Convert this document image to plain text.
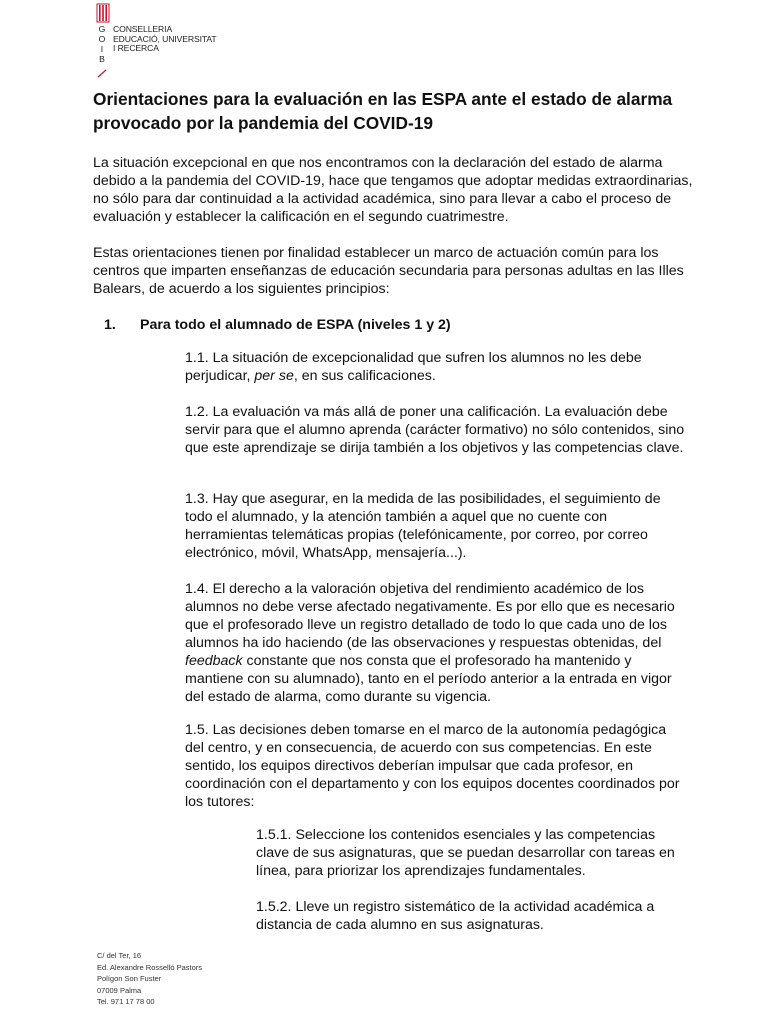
G
O
I
B
CONSELLERIA
EDUCACIÓ, UNIVERSITAT
I RECERCA
Orientaciones para la evaluación en las ESPA ante el estado de alarma provocado por la pandemia del COVID-19

La situación excepcional en que nos encontramos con la declaración del estado de alarma debido a la pandemia del COVID-19, hace que tengamos que adoptar medidas extraordinarias, no sólo para dar continuidad a la actividad académica, sino para llevar a cabo el proceso de evaluación y establecer la calificación en el segundo cuatrimestre.

Estas orientaciones tienen por finalidad establecer un marco de actuación común para los centros que imparten enseñanzas de educación secundaria para personas adultas en las Illes Balears, de acuerdo a los siguientes principios:

1. Para todo el alumnado de ESPA (niveles 1 y 2)

1.1. La situación de excepcionalidad que sufren los alumnos no les debe perjudicar, per se, en sus calificaciones.

1.2. La evaluación va más allá de poner una calificación. La evaluación debe servir para que el alumno aprenda (carácter formativo) no sólo contenidos, sino que este aprendizaje se dirija también a los objetivos y las competencias clave.

1.3. Hay que asegurar, en la medida de las posibilidades, el seguimiento de todo el alumnado, y la atención también a aquel que no cuente con herramientas telemáticas propias (telefónicamente, por correo, por correo electrónico, móvil, WhatsApp, mensajería...).

1.4. El derecho a la valoración objetiva del rendimiento académico de los alumnos no debe verse afectado negativamente. Es por ello que es necesario que el profesorado lleve un registro detallado de todo lo que cada uno de los alumnos ha ido haciendo (de las observaciones y respuestas obtenidas, del feedback constante que nos consta que el profesorado ha mantenido y mantiene con su alumnado), tanto en el período anterior a la entrada en vigor del estado de alarma, como durante su vigencia.

1.5. Las decisiones deben tomarse en el marco de la autonomía pedagógica del centro, y en consecuencia, de acuerdo con sus competencias. En este sentido, los equipos directivos deberían impulsar que cada profesor, en coordinación con el departamento y con los equipos docentes coordinados por los tutores:

1.5.1. Seleccione los contenidos esenciales y las competencias clave de sus asignaturas, que se puedan desarrollar con tareas en línea, para priorizar los aprendizajes fundamentales.

1.5.2. Lleve un registro sistemático de la actividad académica a distancia de cada alumno en sus asignaturas.

C/ del Ter, 16
Ed. Alexandre Rosselló Pastors
Polígon Son Fuster
07009 Palma
Tel. 971 17 78 00
